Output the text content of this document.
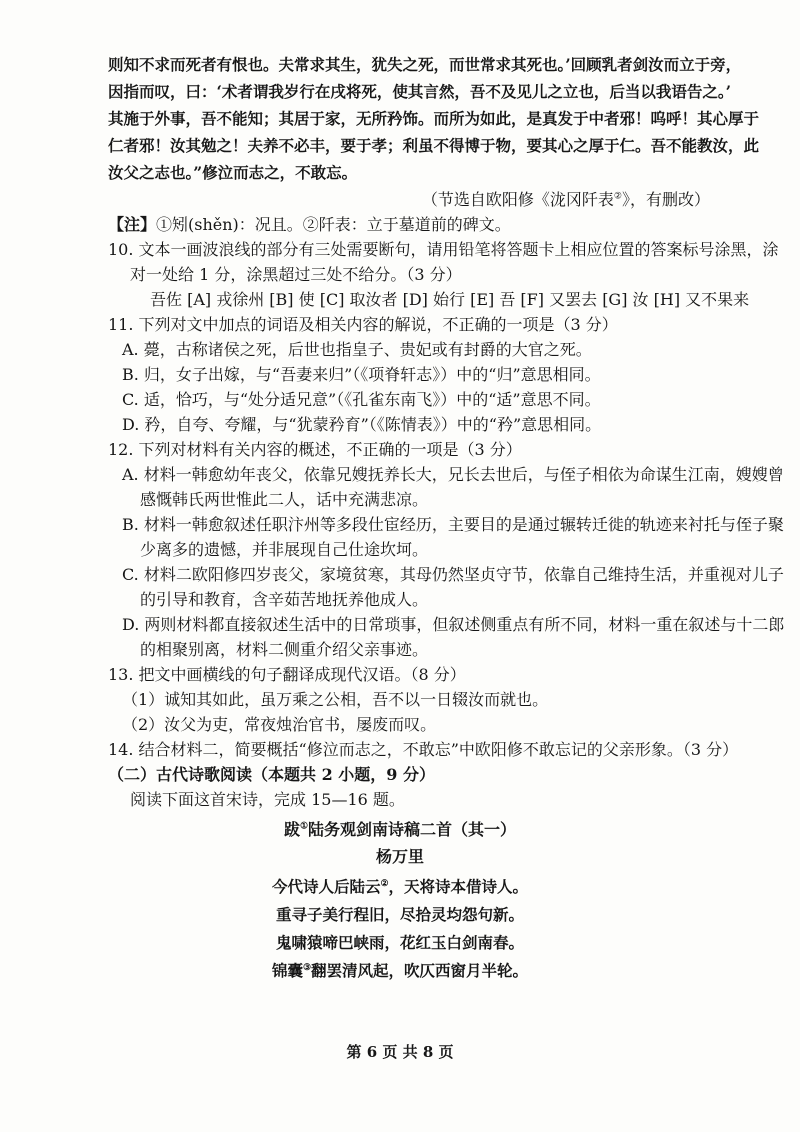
则知不求而死者有恨也。夫常求其生，犹失之死，而世常求其死也。’回顾乳者剑汝而立于旁，
因指而叹，曰：‘术者谓我岁行在戌将死，使其言然，吾不及见儿之立也，后当以我语告之。’
其施于外事，吾不能知；其居于家，无所矜饰。而所为如此，是真发于中者邪！呜呼！其心厚于
仁者邪！汝其勉之！夫养不必丰，要于孝；利虽不得博于物，要其心之厚于仁。吾不能教汝，此
汝父之志也。”修泣而志之，不敢忘。
（节选自欧阳修《泷冈阡表②》，有删改）
【注】①矧(shěn)：况且。②阡表：立于墓道前的碑文。
10. 文本一画波浪线的部分有三处需要断句，请用铅笔将答题卡上相应位置的答案标号涂黑，涂
对一处给 1 分，涂黑超过三处不给分。（3 分）
吾佐 [A] 戎徐州 [B] 使 [C] 取汝者 [D] 始行 [E] 吾 [F] 又罢去 [G] 汝 [H] 又不果来
11. 下列对文中加点的词语及相关内容的解说，不正确的一项是（3 分）
A. 薨，古称诸侯之死，后世也指皇子、贵妃或有封爵的大官之死。
B. 归，女子出嫁，与“吾妻来归”（《项脊轩志》）中的“归”意思相同。
C. 适，恰巧，与“处分适兄意”（《孔雀东南飞》）中的“适”意思不同。
D. 矜，自夸、夸耀，与“犹蒙矜育”（《陈情表》）中的“矜”意思相同。
12. 下列对材料有关内容的概述，不正确的一项是（3 分）
A. 材料一韩愈幼年丧父，依靠兄嫂抚养长大，兄长去世后，与侄子相依为命谋生江南，嫂嫂曾
感慨韩氏两世惟此二人，话中充满悲凉。
B. 材料一韩愈叙述任职汴州等多段仕宦经历，主要目的是通过辗转迁徙的轨迹来衬托与侄子聚
少离多的遗憾，并非展现自己仕途坎坷。
C. 材料二欧阳修四岁丧父，家境贫寒，其母仍然坚贞守节，依靠自己维持生活，并重视对儿子
的引导和教育，含辛茹苦地抚养他成人。
D. 两则材料都直接叙述生活中的日常琐事，但叙述侧重点有所不同，材料一重在叙述与十二郎
的相聚别离，材料二侧重介绍父亲事迹。
13. 把文中画横线的句子翻译成现代汉语。（8 分）
（1）诚知其如此，虽万乘之公相，吾不以一日辍汝而就也。
（2）汝父为吏，常夜烛治官书，屡废而叹。
14. 结合材料二，简要概括“修泣而志之，不敢忘”中欧阳修不敢忘记的父亲形象。（3 分）
（二）古代诗歌阅读（本题共 2 小题，9 分）
阅读下面这首宋诗，完成 15—16 题。
跋①陆务观剑南诗稿二首（其一）
杨万里
今代诗人后陆云②，天将诗本借诗人。
重寻子美行程旧，尽拾灵均怨句新。
鬼啸猿啼巴峡雨，花红玉白剑南春。
锦囊③翻罢清风起，吹仄西窗月半轮。
第 6 页 共 8 页
